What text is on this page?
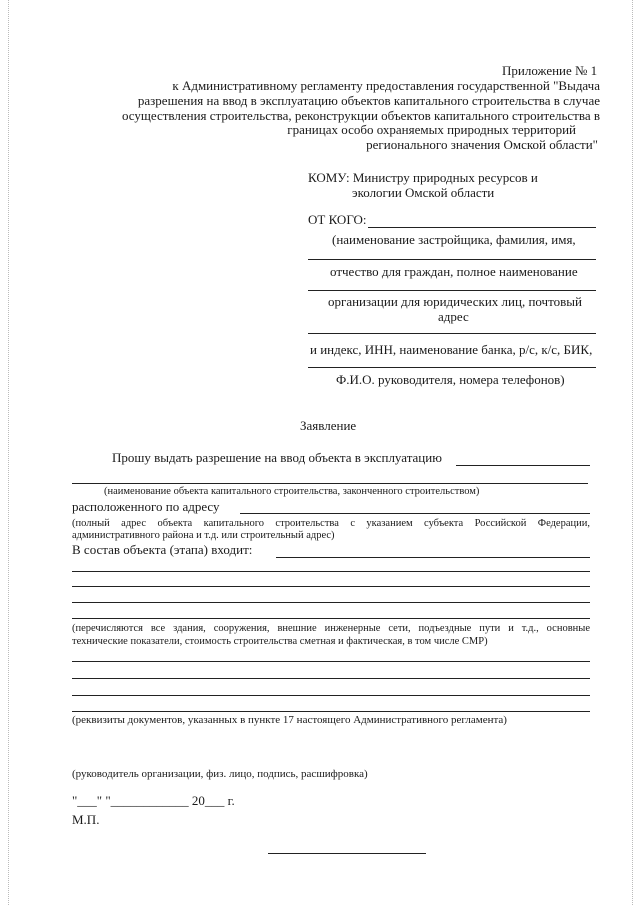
Приложение № 1
к Административному регламенту предоставления государственной "Выдача
разрешения на ввод в эксплуатацию объектов капитального строительства в случае
осуществления строительства, реконструкции объектов капитального строительства в
границах особо охраняемых природных территорий
регионального значения Омской области"
КОМУ: Министру природных ресурсов и
экологии Омской области
ОТ КОГО:
(наименование застройщика, фамилия, имя,
отчество для граждан, полное наименование
организации для юридических лиц, почтовый
адрес
и индекс, ИНН, наименование банка, р/с, к/с, БИК,
Ф.И.О. руководителя, номера телефонов)
Заявление
Прошу выдать разрешение на ввод объекта в эксплуатацию
(наименование объекта капитального строительства, законченного строительством)
расположенного по адресу
(полный адрес объекта капитального строительства с указанием субъекта Российской Федерации,
административного района и т.д. или строительный адрес)
В состав объекта (этапа) входит:
(перечисляются все здания, сооружения, внешние инженерные сети, подъездные пути и т.д., основные
технические показатели, стоимость строительства сметная и фактическая, в том числе СМР)
(реквизиты документов, указанных в пункте 17 настоящего Административного регламента)
(руководитель организации, физ. лицо, подпись, расшифровка)
"___" "____________ 20___ г.
М.П.
